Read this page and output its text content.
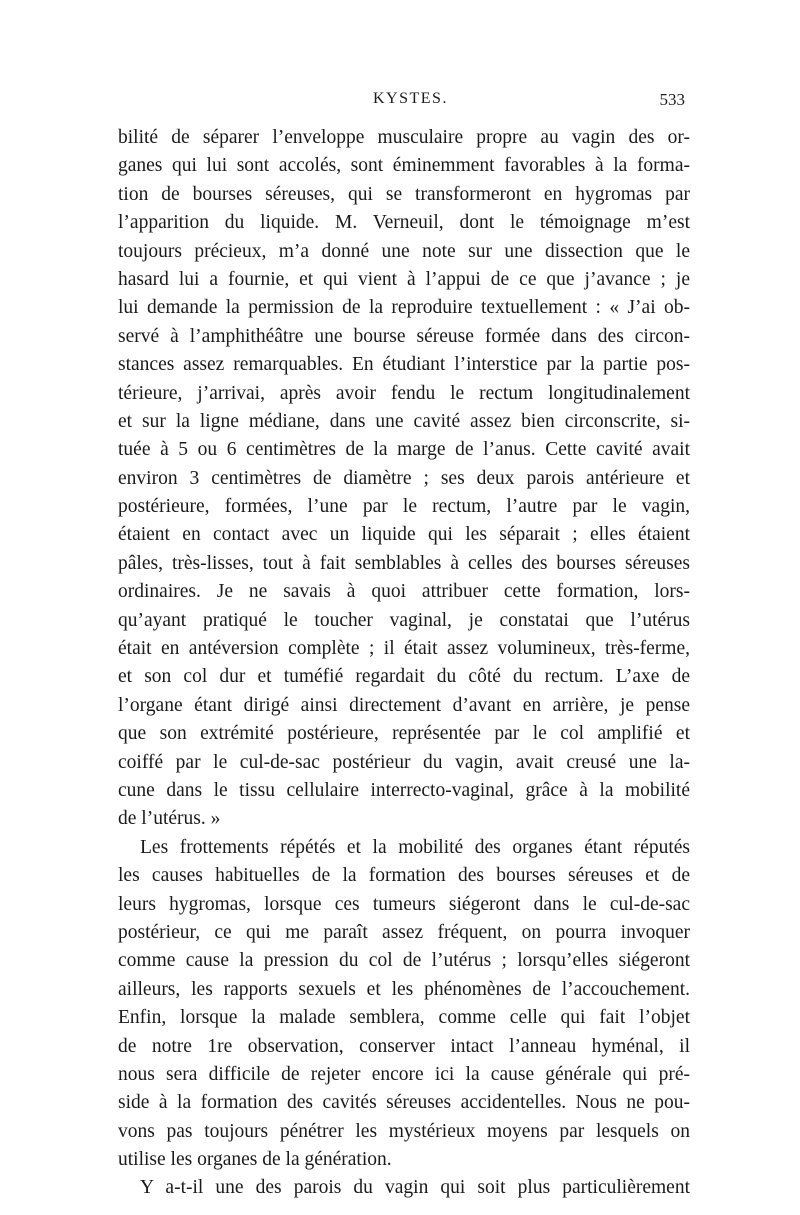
KYSTES.	533
bilité de séparer l’enveloppe musculaire propre au vagin des or-
ganes qui lui sont accolés, sont éminemment favorables à la forma-
tion de bourses séreuses, qui se transformeront en hygromas par
l’apparition du liquide. M. Verneuil, dont le témoignage m’est
toujours précieux, m’a donné une note sur une dissection que le
hasard lui a fournie, et qui vient à l’appui de ce que j’avance ; je
lui demande la permission de la reproduire textuellement : « J’ai ob-
servé à l’amphithéâtre une bourse séreuse formée dans des circon-
stances assez remarquables. En étudiant l’interstice par la partie pos-
térieure, j’arrivai, après avoir fendu le rectum longitudinalement
et sur la ligne médiane, dans une cavité assez bien circonscrite, si-
tuée à 5 ou 6 centimètres de la marge de l’anus. Cette cavité avait
environ 3 centimètres de diamètre ; ses deux parois antérieure et
postérieure, formées, l’une par le rectum, l’autre par le vagin,
étaient en contact avec un liquide qui les séparait ; elles étaient
pâles, très-lisses, tout à fait semblables à celles des bourses séreuses
ordinaires. Je ne savais à quoi attribuer cette formation, lors-
qu’ayant pratiqué le toucher vaginal, je constatai que l’utérus
était en antéversion complète ; il était assez volumineux, très-ferme,
et son col dur et tuméfié regardait du côté du rectum. L’axe de
l’organe étant dirigé ainsi directement d’avant en arrière, je pense
que son extrémité postérieure, représentée par le col amplifié et
coiffé par le cul-de-sac postérieur du vagin, avait creusé une la-
cune dans le tissu cellulaire interrecto-vaginal, grâce à la mobilité
de l’utérus. »
Les frottements répétés et la mobilité des organes étant réputés
les causes habituelles de la formation des bourses séreuses et de
leurs hygromas, lorsque ces tumeurs siégeront dans le cul-de-sac
postérieur, ce qui me paraît assez fréquent, on pourra invoquer
comme cause la pression du col de l’utérus ; lorsqu’elles siégeront
ailleurs, les rapports sexuels et les phénomènes de l’accouchement.
Enfin, lorsque la malade semblera, comme celle qui fait l’objet
de notre 1re observation, conserver intact l’anneau hyménal, il
nous sera difficile de rejeter encore ici la cause générale qui pré-
side à la formation des cavités séreuses accidentelles. Nous ne pou-
vons pas toujours pénétrer les mystérieux moyens par lesquels on
utilise les organes de la génération.
Y a-t-il une des parois du vagin qui soit plus particulièrement
